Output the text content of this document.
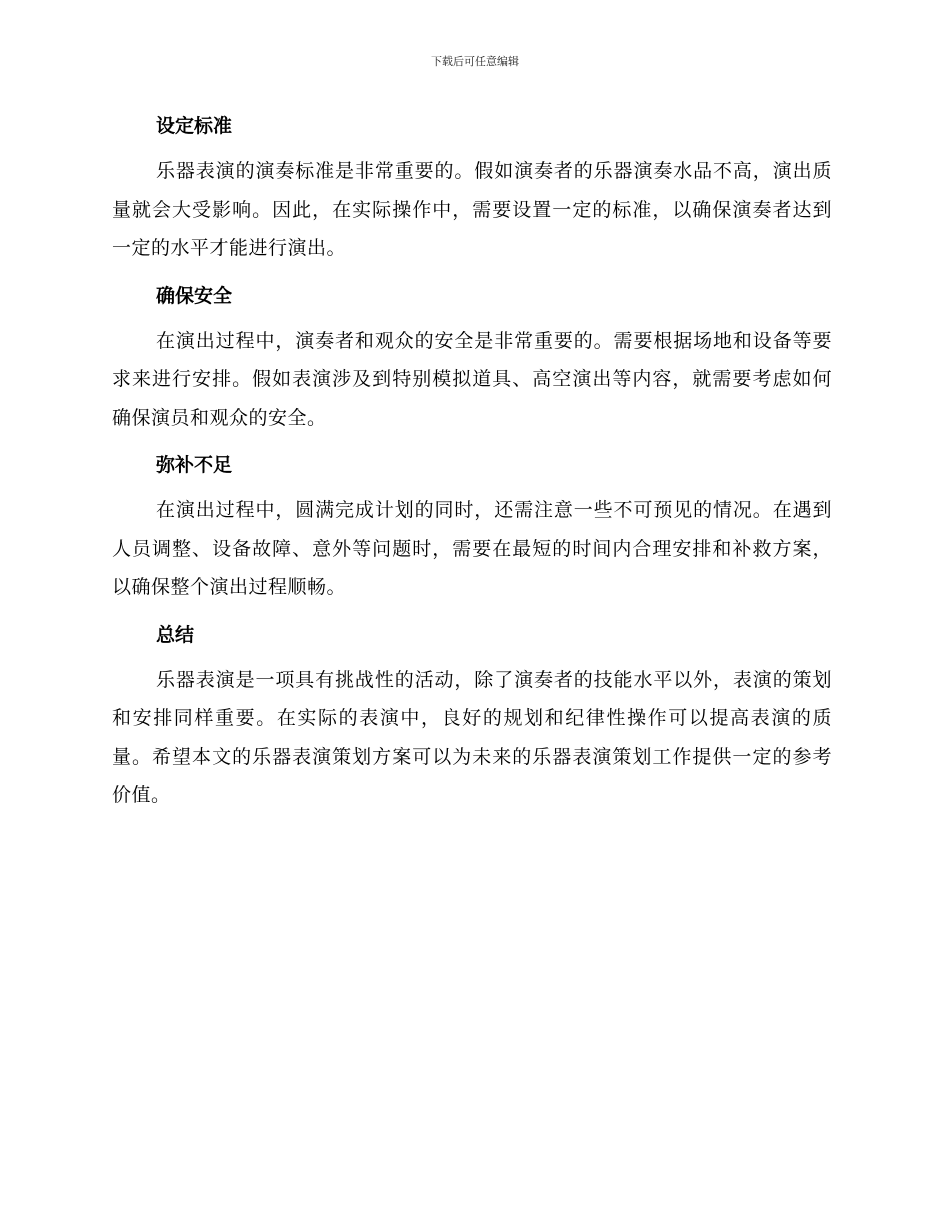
下载后可任意编辑
设定标准

乐器表演的演奏标准是非常重要的。假如演奏者的乐器演奏水品不高，演出质量就会大受影响。因此，在实际操作中，需要设置一定的标准，以确保演奏者达到一定的水平才能进行演出。

确保安全

在演出过程中，演奏者和观众的安全是非常重要的。需要根据场地和设备等要求来进行安排。假如表演涉及到特别模拟道具、高空演出等内容，就需要考虑如何确保演员和观众的安全。

弥补不足

在演出过程中，圆满完成计划的同时，还需注意一些不可预见的情况。在遇到人员调整、设备故障、意外等问题时，需要在最短的时间内合理安排和补救方案，以确保整个演出过程顺畅。

总结

乐器表演是一项具有挑战性的活动，除了演奏者的技能水平以外，表演的策划和安排同样重要。在实际的表演中，良好的规划和纪律性操作可以提高表演的质量。希望本文的乐器表演策划方案可以为未来的乐器表演策划工作提供一定的参考价值。
